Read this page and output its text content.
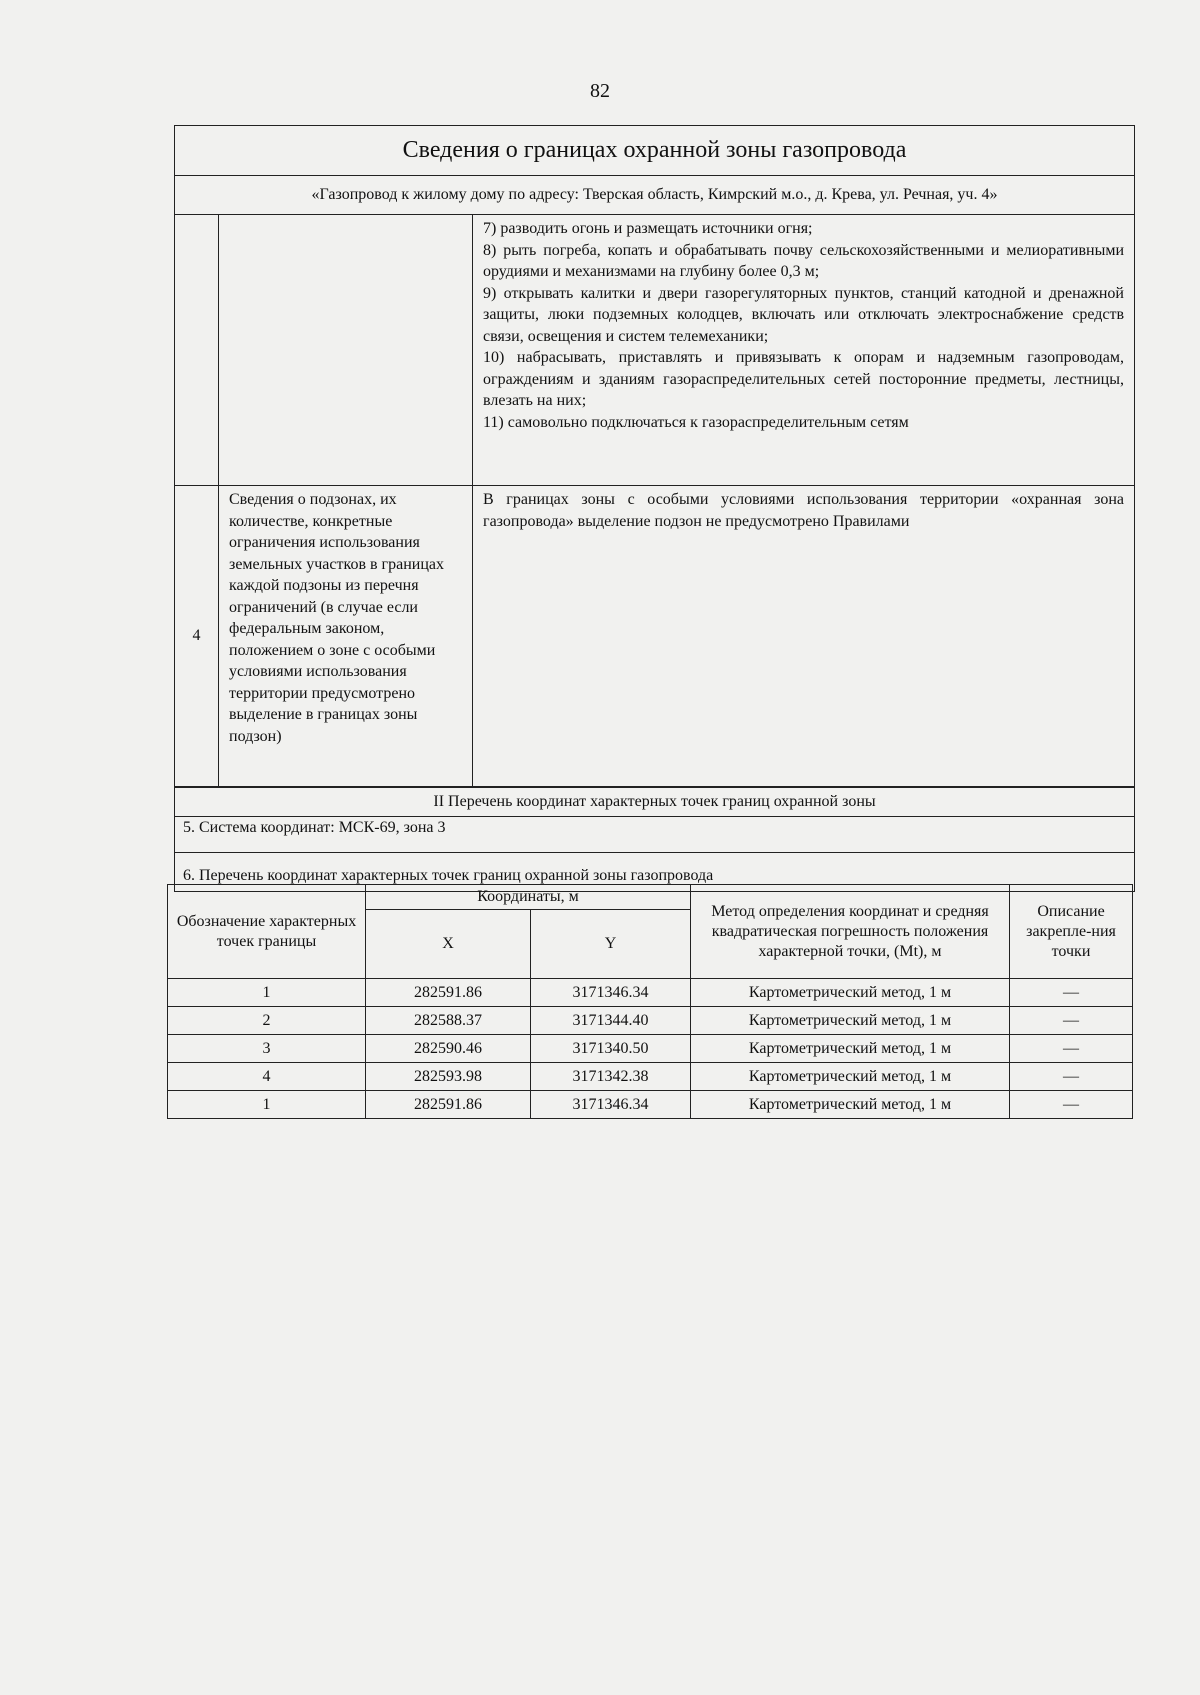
82
Сведения о границах охранной зоны газопровода
«Газопровод к жилому дому по адресу: Тверская область, Кимрский м.о., д. Крева, ул. Речная, уч. 4»

		7) разводить огонь и размещать источники огня;

8) рыть погреба, копать и обрабатывать почву сельскохозяйственными и мелиоративными орудиями и механизмами на глубину более 0,3 м;

9) открывать калитки и двери газорегуляторных пунктов, станций катодной и дренажной защиты, люки подземных колодцев, включать или отключать электроснабжение средств связи, освещения и систем телемеханики;

10) набрасывать, приставлять и привязывать к опорам и надземным газопроводам, ограждениям и зданиям газораспределительных сетей посторонние предметы, лестницы, влезать на них;

11) самовольно подключаться к газораспределительным сетям

4	Сведения о подзонах, их количестве, конкретные ограничения использования земельных участков в границах каждой подзоны из перечня ограничений (в случае если федеральным законом, положением о зоне с особыми условиями использования территории предусмотрено выделение в границах зоны подзон)	В границах зоны с особыми условиями использования территории «охранная зона газопровода» выделение подзон не предусмотрено Правилами
II Перечень координат характерных точек границ охранной зоны
5. Система координат: МСК-69, зона 3
6. Перечень координат характерных точек границ охранной зоны газопровода
Обозначение характерных точек границы	Координаты, м		Метод определения координат и средняя квадратическая погрешность положения характерной точки, (Mt), м	Описание закрепле-ния точки
	X	Y		
1	282591.86	3171346.34	Картометрический метод, 1 м	—
2	282588.37	3171344.40	Картометрический метод, 1 м	—
3	282590.46	3171340.50	Картометрический метод, 1 м	—
4	282593.98	3171342.38	Картометрический метод, 1 м	—
1	282591.86	3171346.34	Картометрический метод, 1 м	—
